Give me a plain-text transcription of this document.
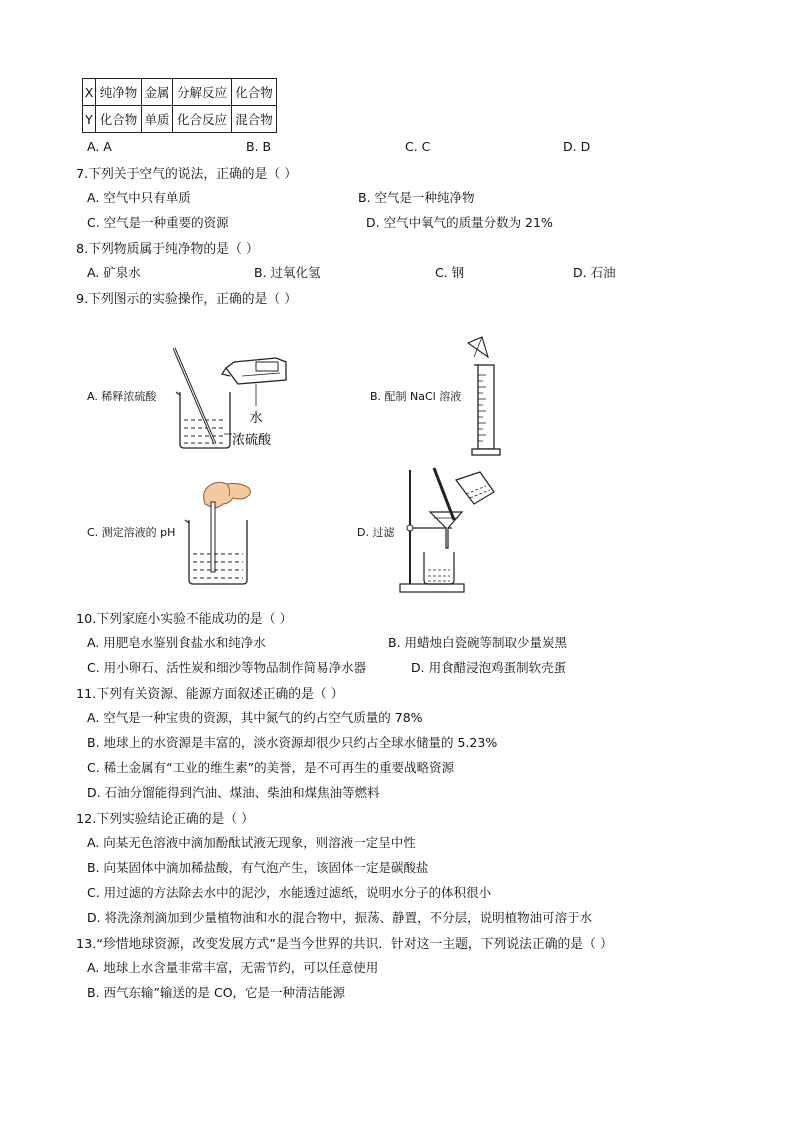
X	纯净物	金属	分解反应	化合物
Y	化合物	单质	化合反应	混合物
A. A	B. B	C. C	D. D
7.下列关于空气的说法，正确的是（ ）
A. 空气中只有单质	B. 空气是一种纯净物
C. 空气是一种重要的资源	D. 空气中氧气的质量分数为 21%
8.下列物质属于纯净物的是（ ）
A. 矿泉水	B. 过氧化氢	C. 钢	D. 石油
9.下列图示的实验操作，正确的是（ ）
A. 稀释浓硫酸	B. 配制 NaCl 溶液
C. 测定溶液的 pH	D. 过滤
水
浓硫酸
10.下列家庭小实验不能成功的是（ ）
A. 用肥皂水鉴别食盐水和纯净水	B. 用蜡烛白瓷碗等制取少量炭黑
C. 用小卵石、活性炭和细沙等物品制作简易净水器	D. 用食醋浸泡鸡蛋制软壳蛋
11.下列有关资源、能源方面叙述正确的是（ ）
A. 空气是一种宝贵的资源，其中氮气的约占空气质量的 78%
B. 地球上的水资源是丰富的，淡水资源却很少只约占全球水储量的 5.23%
C. 稀土金属有“工业的维生素”的美誉，是不可再生的重要战略资源
D. 石油分馏能得到汽油、煤油、柴油和煤焦油等燃料
12.下列实验结论正确的是（ ）
A. 向某无色溶液中滴加酚酞试液无现象，则溶液一定呈中性
B. 向某固体中滴加稀盐酸，有气泡产生，该固体一定是碳酸盐
C. 用过滤的方法除去水中的泥沙，水能透过滤纸，说明水分子的体积很小
D. 将洗涤剂滴加到少量植物油和水的混合物中，振荡、静置，不分层，说明植物油可溶于水
13.“珍惜地球资源，改变发展方式”是当今世界的共识．针对这一主题，下列说法正确的是（ ）
A. 地球上水含量非常丰富，无需节约，可以任意使用
B. 西气东输”输送的是 CO，它是一种清洁能源
